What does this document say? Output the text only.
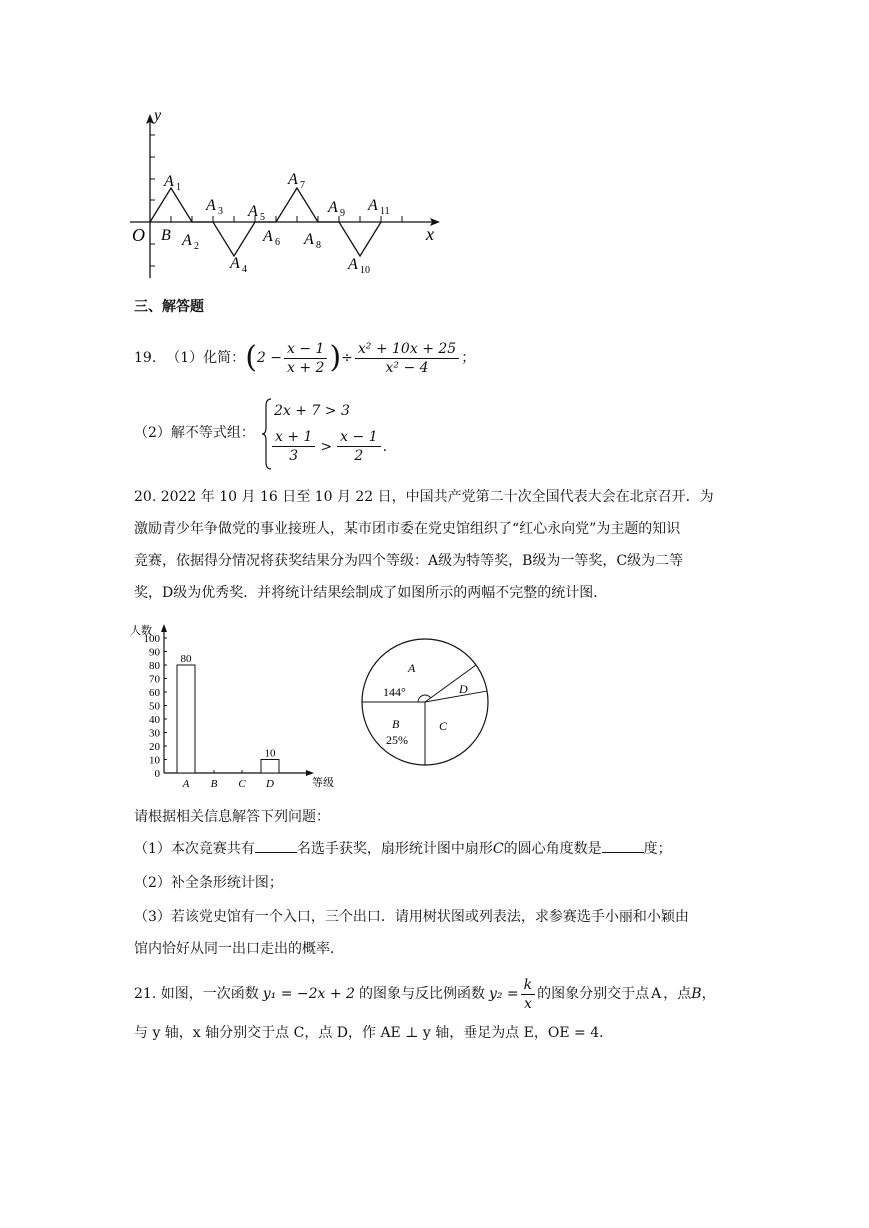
y
x
O
A 1
B A 2
A 3
A 4
A 5
A 6
A 7
A 8
A 9
A 10
A 11
三、解答题
19. （1）化简： ( $2 - \frac{x - 1}{x + 2}$ ) ÷ $\frac{\text{x² + 10x + 25}}{\text{x² − 4}}$ ；
（2）解不等式组：
2x + 7 > 3
$\frac{x + 1}{3} > \frac{x - 1}{2}$ .
20. 2022 年 10 月 16 日至 10 月 22 日，中国共产党第二十次全国代表大会在北京召开．为
激励青少年争做党的事业接班人，某市团市委在党史馆组织了“红心永向党”为主题的知识
竞赛，依据得分情况将获奖结果分为四个等级：A级为特等奖，B级为一等奖，C级为二等
奖，D级为优秀奖．并将统计结果绘制成了如图所示的两幅不完整的统计图．
人数
等级
0
10
20
30
40
50
60
70
80
90
100
A
80
B C D
10
A
144°
B
25%
C
D
请根据相关信息解答下列问题：
（1）本次竞赛共有	名选手获奖，扇形统计图中扇形C的圆心角度数是	度；
（2）补全条形统计图；
（3）若该党史馆有一个入口，三个出口．请用树状图或列表法，求参赛选手小丽和小颖由
馆内恰好从同一出口走出的概率．
21. 如图，一次函数 y₁ = −2x + 2 的图象与反比例函数 $y_2 = \frac{k}{x}$ 的图象分别交于点 A ，点 B ，
与 y 轴，x 轴分别交于点 C，点 D，作 AE ⊥ y 轴，垂足为点 E，OE = 4．
